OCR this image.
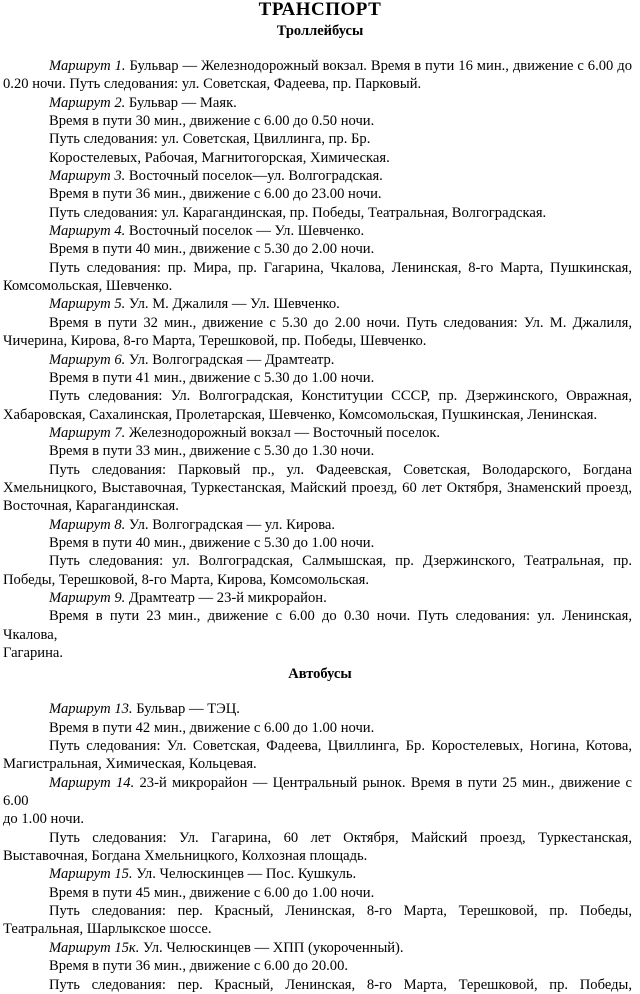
ТРАНСПОРТ
Троллейбусы
Маршрут 1. Бульвар — Железнодорожный вокзал. Время в пути 16 мин., движение с 6.00 до
0.20 ночи. Путь следования: ул. Советская, Фадеева, пр. Парковый.
Маршрут 2. Бульвар — Маяк.
Время в пути 30 мин., движение с 6.00 до 0.50 ночи.
Путь следования: ул. Советская, Цвиллинга, пр. Бр.
Коростелевых, Рабочая, Магнитогорская, Химическая.
Маршрут 3. Восточный поселок—ул. Волгоградская.
Время в пути 36 мин., движение с 6.00 до 23.00 ночи.
Путь следования: ул. Карагандинская, пр. Победы, Театральная, Волгоградская.
Маршрут 4. Восточный поселок — Ул. Шевченко.
Время в пути 40 мин., движение с 5.30 до 2.00 ночи.
Путь следования: пр. Мира, пр. Гагарина, Чкалова, Ленинская, 8-го Марта, Пушкинская,
Комсомольская, Шевченко.
Маршрут 5. Ул. М. Джалиля — Ул. Шевченко.
Время в пути 32 мин., движение с 5.30 до 2.00 ночи. Путь следования: Ул. М. Джалиля,
Чичерина, Кирова, 8-го Марта, Терешковой, пр. Победы, Шевченко.
Маршрут 6. Ул. Волгоградская — Драмтеатр.
Время в пути 41 мин., движение с 5.30 до 1.00 ночи.
Путь следования: Ул. Волгоградская, Конституции СССР, пр. Дзержинского, Овражная,
Хабаровская, Сахалинская, Пролетарская, Шевченко, Комсомольская, Пушкинская, Ленинская.
Маршрут 7. Железнодорожный вокзал — Восточный поселок.
Время в пути 33 мин., движение с 5.30 до 1.30 ночи.
Путь следования: Парковый пр., ул. Фадеевская, Советская, Володарского, Богдана
Хмельницкого, Выставочная, Туркестанская, Майский проезд, 60 лет Октября, Знаменский проезд,
Восточная, Карагандинская.
Маршрут 8. Ул. Волгоградская — ул. Кирова.
Время в пути 40 мин., движение с 5.30 до 1.00 ночи.
Путь следования: ул. Волгоградская, Салмышская, пр. Дзержинского, Театральная, пр.
Победы, Терешковой, 8-го Марта, Кирова, Комсомольская.
Маршрут 9. Драмтеатр — 23-й микрорайон.
Время в пути 23 мин., движение с 6.00 до 0.30 ночи. Путь следования: ул. Ленинская, Чкалова,
Гагарина.
Автобусы
Маршрут 13. Бульвар — ТЭЦ.
Время в пути 42 мин., движение с 6.00 до 1.00 ночи.
Путь следования: Ул. Советская, Фадеева, Цвиллинга, Бр. Коростелевых, Ногина, Котова,
Магистральная, Химическая, Кольцевая.
Маршрут 14. 23-й микрорайон — Центральный рынок. Время в пути 25 мин., движение с 6.00
до 1.00 ночи.
Путь следования: Ул. Гагарина, 60 лет Октября, Майский проезд, Туркестанская,
Выставочная, Богдана Хмельницкого, Колхозная площадь.
Маршрут 15. Ул. Челюскинцев — Пос. Кушкуль.
Время в пути 45 мин., движение с 6.00 до 1.00 ночи.
Путь следования: пер. Красный, Ленинская, 8-го Марта, Терешковой, пр. Победы,
Театральная, Шарлыкское шоссе.
Маршрут 15к. Ул. Челюскинцев — ХПП (укороченный).
Время в пути 36 мин., движение с 6.00 до 20.00.
Путь следования: пер. Красный, Ленинская, 8-го Марта, Терешковой, пр. Победы,
